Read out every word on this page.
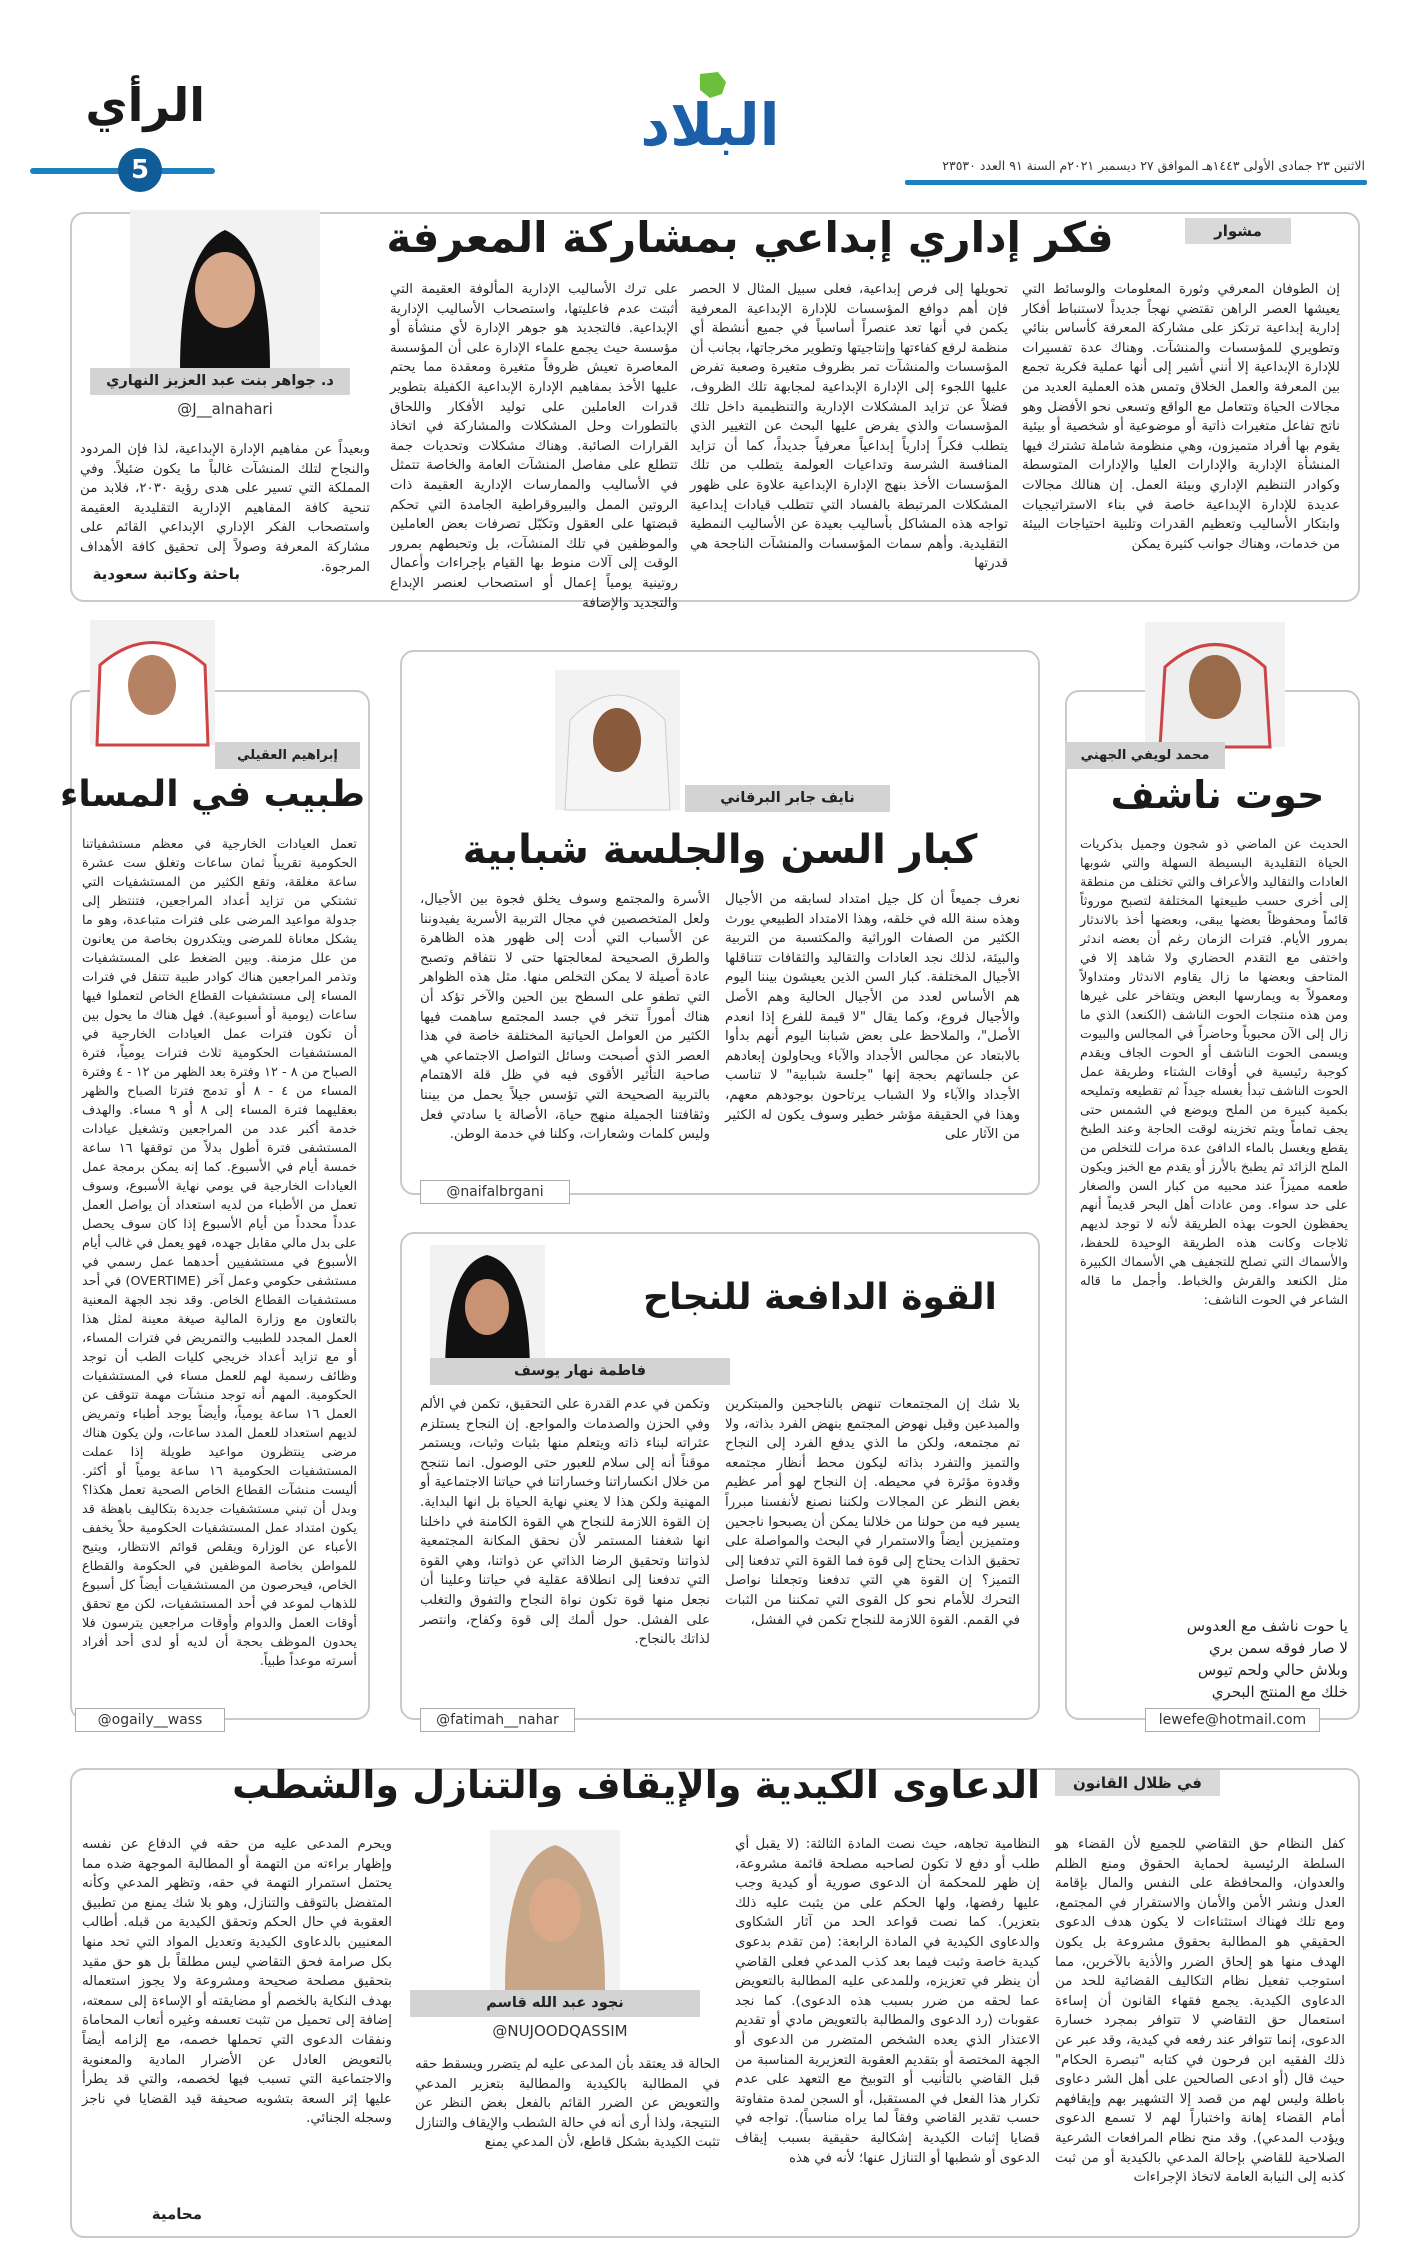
الرأي
5
البلاد
الاثنين ٢٣ جمادى الأولى ١٤٤٣هـ الموافق ٢٧ ديسمبر ٢٠٢١م السنة ٩١ العدد ٢٣٥٣٠
مشوار
فكر إداري إبداعي بمشاركة المعرفة
إن الطوفان المعرفي وثورة المعلومات والوسائط التي يعيشها العصر الراهن تقتضي نهجاً جديداً لاستنباط أفكار إدارية إبداعية ترتكز على مشاركة المعرفة كأساس بنائي وتطويري للمؤسسات والمنشآت. وهناك عدة تفسيرات للإدارة الإبداعية إلا أنني أشير إلى أنها عملية فكرية تجمع بين المعرفة والعمل الخلاق وتمس هذه العملية العديد من مجالات الحياة وتتعامل مع الواقع وتسعى نحو الأفضل وهو ناتج تفاعل متغيرات ذاتية أو موضوعية أو شخصية أو بيئية يقوم بها أفراد متميزون، وهي منظومة شاملة تشترك فيها المنشأة الإدارية والإدارات العليا والإدارات المتوسطة وكوادر التنظيم الإداري وبيئة العمل. إن هنالك مجالات عديدة للإدارة الإبداعية خاصة في بناء الاستراتيجيات وابتكار الأساليب وتعظيم القدرات وتلبية احتياجات البيئة من خدمات، وهناك جوانب كثيرة يمكن
تحويلها إلى فرص إبداعية، فعلى سبيل المثال لا الحصر فإن أهم دوافع المؤسسات للإدارة الإبداعية المعرفية يكمن في أنها تعد عنصراً أساسياً في جميع أنشطة أي منظمة لرفع كفاءتها وإنتاجيتها وتطوير مخرجاتها، بجانب أن المؤسسات والمنشآت تمر بظروف متغيرة وصعبة تفرض عليها اللجوء إلى الإدارة الإبداعية لمجابهة تلك الظروف، فضلاً عن تزايد المشكلات الإدارية والتنظيمية داخل تلك المؤسسات والذي يفرض عليها البحث عن التغيير الذي يتطلب فكراً إدارياً إبداعياً معرفياً جديداً، كما أن تزايد المنافسة الشرسة وتداعيات العولمة يتطلب من تلك المؤسسات الأخذ بنهج الإدارة الإبداعية علاوة على ظهور المشكلات المرتبطة بالفساد التي تتطلب قيادات إبداعية تواجه هذه المشاكل بأساليب بعيدة عن الأساليب النمطية التقليدية. وأهم سمات المؤسسات والمنشآت الناجحة هي قدرتها
على ترك الأساليب الإدارية المألوفة العقيمة التي أثبتت عدم فاعليتها، واستصحاب الأساليب الإدارية الإبداعية. فالتجديد هو جوهر الإدارة لأي منشأة أو مؤسسة حيث يجمع علماء الإدارة على أن المؤسسة المعاصرة تعيش ظروفاً متغيرة ومعقدة مما يحتم عليها الأخذ بمفاهيم الإدارة الإبداعية الكفيلة بتطوير قدرات العاملين على توليد الأفكار واللحاق بالتطورات وحل المشكلات والمشاركة في اتخاذ القرارات الصائبة. وهناك مشكلات وتحديات جمة تتطلع على مفاصل المنشآت العامة والخاصة تتمثل في الأساليب والممارسات الإدارية العقيمة ذات الروتين الممل والبيروقراطية الجامدة التي تحكم قبضتها على العقول وتكبّل تصرفات بعض العاملين والموظفين في تلك المنشآت، بل وتحبطهم بمرور الوقت إلى آلات منوط بها القيام بإجراءات وأعمال روتينية يومياً إعمال أو استصحاب لعنصر الإبداع والتجديد والإضافة
وبعيداً عن مفاهيم الإدارة الإبداعية، لذا فإن المردود والنجاح لتلك المنشآت غالباً ما يكون ضئيلاً. وفي المملكة التي تسير على هدى رؤية ٢٠٣٠، فلابد من تنحية كافة المفاهيم الإدارية التقليدية العقيمة واستصحاب الفكر الإداري الإبداعي القائم على مشاركة المعرفة وصولاً إلى تحقيق كافة الأهداف المرجوة.
د. جواهر بنت عبد العزيز النهاري
@J__alnahari
باحثة وكاتبة سعودية
محمد لويفي الجهني
حوت ناشف
الحديث عن الماضي ذو شجون وجميل بذكريات الحياة التقليدية البسيطة السهلة والتي شوبها العادات والتقاليد والأعراف والتي تختلف من منطقة إلى أخرى حسب طبيعتها المختلفة لتصبح موروثاً قائماً ومحفوظاً بعضها يبقى، وبعضها أخذ بالاندثار بمرور الأيام. فترات الزمان رغم أن بعضه اندثر واختفى مع التقدم الحضاري ولا شاهد إلا في المتاحف وبعضها ما زال يقاوم الاندثار ومتداولاً ومعمولاً به ويمارسها البعض ويتفاخر على غيرها ومن هذه منتجات الحوت الناشف (الكنعد) الذي ما زال إلى الآن محبوباً وحاضراً في المجالس والبيوت ويسمى الحوت الناشف أو الحوت الجاف ويقدم كوجبة رئيسية في أوقات الشتاء وطريقة عمل الحوت الناشف تبدأ بغسله جيداً ثم تقطيعه وتمليحه بكمية كبيرة من الملح ويوضع في الشمس حتى يجف تماماً ويتم تخزينه لوقت الحاجة وعند الطبخ يقطع ويغسل بالماء الدافئ عدة مرات للتخلص من الملح الزائد ثم يطبخ بالأرز أو يقدم مع الخبز ويكون طعمه مميزاً عند محبيه من كبار السن والصغار على حد سواء. ومن عادات أهل البحر قديماً أنهم يحفظون الحوت بهذه الطريقة لأنه لا توجد لديهم ثلاجات وكانت هذه الطريقة الوحيدة للحفظ، والأسماك التي تصلح للتجفيف هي الأسماك الكبيرة مثل الكنعد والقرش والخباط. وأجمل ما قاله الشاعر في الحوت الناشف:
يا حوت ناشف مع العدوس
لا صار فوقه سمن بري
وبلاش حالي ولحم تيوس
خلك مع المنتج البحري
lewefe@hotmail.com
نايف جابر البرقاني
كبار السن والجلسة شبابية
نعرف جميعاً أن كل جيل امتداد لسابقه من الأجيال وهذه سنة الله في خلقه، وهذا الامتداد الطبيعي يورث الكثير من الصفات الوراثية والمكتسبة من التربية والبيئة، لذلك نجد العادات والتقاليد والثقافات تتناقلها الأجيال المختلفة. كبار السن الذين يعيشون بيننا اليوم هم الأساس لعدد من الأجيال الحالية وهم الأصل والأجيال فروع، وكما يقال "لا قيمة للفرع إذا انعدم الأصل"، والملاحظ على بعض شبابنا اليوم أنهم بدأوا بالابتعاد عن مجالس الأجداد والآباء ويحاولون إبعادهم عن جلساتهم بحجة إنها "جلسة شبابية" لا تناسب الأجداد والآباء ولا الشباب يرتاحون بوجودهم معهم، وهذا في الحقيقة مؤشر خطير وسوف يكون له الكثير من الآثار على
الأسرة والمجتمع وسوف يخلق فجوة بين الأجيال، ولعل المتخصصين في مجال التربية الأسرية يفيدوننا عن الأسباب التي أدت إلى ظهور هذه الظاهرة والطرق الصحيحة لمعالجتها حتى لا نتفاقم وتصبح عادة أصيلة لا يمكن التخلص منها. مثل هذه الظواهر التي تطفو على السطح بين الحين والآخر تؤكد أن هناك أموراً تنخر في جسد المجتمع ساهمت فيها الكثير من العوامل الحياتية المختلفة خاصة في هذا العصر الذي أصبحت وسائل التواصل الاجتماعي هي صاحبة التأثير الأقوى فيه في ظل قلة الاهتمام بالتربية الصحيحة التي تؤسس جيلاً يحمل من بيننا وثقافتنا الجميلة منهج حياة، الأصالة يا سادتي فعل وليس كلمات وشعارات، وكلنا في خدمة الوطن.
@naifalbrgani
إبراهيم العقيلي
طبيب في المساء
تعمل العيادات الخارجية في معظم مستشفياتنا الحكومية تقريباً ثمان ساعات وتغلق ست عشرة ساعة مغلقة، وتقع الكثير من المستشفيات التي تشتكي من تزايد أعداد المراجعين، فتنتظر إلى جدولة مواعيد المرضى على فترات متباعدة، وهو ما يشكل معاناة للمرضى ويتكدرون بخاصة من يعانون من علل مزمنة. وبين الضغط على المستشفيات وتذمر المراجعين هناك كوادر طبية تتنقل في فترات المساء إلى مستشفيات القطاع الخاص لتعملوا فيها ساعات (يومية أو أسبوعية). فهل هناك ما يحول بين أن تكون فترات عمل العيادات الخارجية في المستشفيات الحكومية ثلاث فترات يومياً، فترة الصباح من ٨ - ١٢ وفترة بعد الظهر من ١٢ - ٤ وفترة المساء من ٤ - ٨ أو تدمج فترتا الصباح والظهر بعقليهما فترة المساء إلى ٨ أو ٩ مساء. والهدف خدمة أكبر عدد من المراجعين وتشغيل عيادات المستشفى فترة أطول بدلاً من توقفها ١٦ ساعة خمسة أيام في الأسبوع. كما إنه يمكن برمجة عمل العيادات الخارجية في يومي نهاية الأسبوع، وسوف تعمل من الأطباء من لديه استعداد أن يواصل العمل عدداً محدداً من أيام الأسبوع إذا كان سوف يحصل على بدل مالي مقابل جهده، فهو يعمل في غالب أيام الأسبوع في مستشفيين أحدهما عمل رسمي في مستشفى حكومي وعمل آخر (OVERTIME) في أحد مستشفيات القطاع الخاص. وقد نجد الجهة المعنية بالتعاون مع وزارة المالية صيغة معينة لمثل هذا العمل المجدد للطبيب والتمريض في فترات المساء، أو مع تزايد أعداد خريجي كليات الطب أن توجد وظائف رسمية لهم للعمل مساء في المستشفيات الحكومية. المهم أنه توجد منشآت مهمة تتوقف عن العمل ١٦ ساعة يومياً، وأيضاً يوجد أطباء وتمريض لديهم استعداد للعمل المدد ساعات، ولن يكون هناك مرضى ينتظرون مواعيد طويلة إذا عملت المستشفيات الحكومية ١٦ ساعة يومياً أو أكثر. أليست منشآت القطاع الخاص الصحية تعمل هكذا؟ وبدل أن تبني مستشفيات جديدة بتكاليف باهظة قد يكون امتداد عمل المستشفيات الحكومية حلاً يخفف الأعباء عن الوزارة ويقلص قوائم الانتظار، ويتيح للمواطن بخاصة الموظفين في الحكومة والقطاع الخاص، فيحرصون من المستشفيات أيضاً كل أسبوع للذهاب لموعد في أحد المستشفيات، لكن مع تحقق أوقات العمل والدوام وأوقات مراجعين يترسون فلا يحدون الموظف بحجة أن لديه أو لدى أحد أفراد أسرته موعداً طبياً.
@ogaily__wass
القوة الدافعة للنجاح
فاطمة نهار يوسف
بلا شك إن المجتمعات تنهض بالناجحين والمبتكرين والمبدعين وقبل نهوض المجتمع بنهض الفرد بذاته، ولا تم مجتمعه، ولكن ما الذي يدفع الفرد إلى النجاح والتميز والتفرد بذاته ليكون محط أنظار مجتمعه وقدوة مؤثرة في محيطه. إن النجاح لهو أمر عظيم بغض النظر عن المجالات ولكننا نصنع لأنفسنا مبرراً يسير فيه من حولنا من خلالنا يمكن أن يصبحوا ناجحين ومتميزين أيضاً والاستمرار في البحث والمواصلة على تحقيق الذات يحتاج إلى قوة فما القوة التي تدفعنا إلى التميز؟ إن القوة هي التي تدفعنا وتجعلنا نواصل التحرك للأمام نحو كل القوى التي تمكننا من الثبات في القمم. القوة اللازمة للنجاح تكمن في الفشل،
وتكمن في عدم القدرة على التحقيق، تكمن في الألم وفي الحزن والصدمات والمواجع. إن النجاح يستلزم عثراته لبناء ذاته ويتعلم منها بثبات وثبات، ويستمر موقناً أنه إلى سلام للعبور حتى الوصول. انما نتنجح من خلال انكساراتنا وخساراتنا في حياتنا الاجتماعية أو المهنية ولكن هذا لا يعني نهاية الحياة بل انها البداية. إن القوة اللازمة للنجاح هي القوة الكامنة في داخلنا انها شغفنا المستمر لأن نحقق المكانة المجتمعية لذواتنا وتحقيق الرضا الذاتي عن ذواتنا، وهي القوة التي تدفعنا إلى انطلاقة عقلية في حياتنا وعلينا أن نجعل منها قوة تكون نواة النجاح والتفوق والتغلب على الفشل. حول ألمك إلى قوة وكفاح، وانتصر لذاتك بالنجاح.
@fatimah__nahar
في ظلال القانون
الدعاوى الكيدية والإيقاف والتنازل والشطب
كفل النظام حق التقاضي للجميع لأن القضاء هو السلطة الرئيسية لحماية الحقوق ومنع الظلم والعدوان، والمحافظة على النفس والمال بإقامة العدل ونشر الأمن والأمان والاستقرار في المجتمع، ومع تلك فهناك استثناءات لا يكون هدف الدعوى الحقيقي هو المطالبة بحقوق مشروعة بل يكون الهدف منها هو إلحاق الضرر والأذية بالآخرين، مما استوجب تفعيل نظام التكاليف القضائية للحد من الدعاوى الكيدية. يجمع فقهاء القانون أن إساءة استعمال حق التقاضي لا تتوافر بمجرد خسارة الدعوى، إنما تتوافر عند رفعه في كيدية، وقد عبر عن ذلك الفقيه ابن فرحون في كتابه "تبصرة الحكام" حيث قال (أو ادعى الصالحين على أهل الشر دعاوى باطلة وليس لهم من قصد إلا التشهير بهم وإيقافهم أمام القضاء إهانة واختباراً لهم لا تسمع الدعوى ويؤدب المدعي). وقد منح نظام المرافعات الشرعية الصلاحية للقاضي بإحالة المدعي بالكيدية أو من ثبت كذبه إلى النيابة العامة لاتخاذ الإجراءات
النظامية تجاهه، حيث نصت المادة الثالثة: (لا يقبل أي طلب أو دفع لا تكون لصاحبه مصلحة قائمة مشروعة، إن ظهر للمحكمة أن الدعوى صورية أو كيدية وجب عليها رفضها، ولها الحكم على من يثبت عليه ذلك بتعزير). كما نصت قواعد الحد من آثار الشكاوى والدعاوى الكيدية في المادة الرابعة: (من تقدم بدعوى كيدية خاصة وثبت فيما بعد كذب المدعي فعلى القاضي أن ينظر في تعزيزه، وللمدعى عليه المطالبة بالتعويض عما لحقه من ضرر بسبب هذه الدعوى). كما نجد عقوبات (رد الدعوى والمطالبة بالتعويض مادي أو تقديم الاعتذار الذي يعده الشخص المتضرر من الدعوى أو الجهة المختصة أو بتقديم العقوبة التعزيرية المناسبة من قبل القاضي بالتأنيب أو التوبيخ مع التعهد على عدم تكرار هذا الفعل في المستقبل، أو السجن لمدة متفاوتة حسب تقدير القاضي وفقاً لما يراه مناسباً). تواجه في قضايا إثبات الكيدية إشكالية حقيقية بسبب إيقاف الدعوى أو شطبها أو التنازل عنها؛ لأنه في هذه
نجود عبد الله قاسم
@NUJOODQASSIM
الحالة قد يعتقد بأن المدعى عليه لم يتضرر ويسقط حقه في المطالبة بالكيدية والمطالبة بتعزير المدعي والتعويض عن الضرر القائم بالفعل بغض النظر عن النتيجة، ولذا أرى أنه في حالة الشطب والإيقاف والتنازل تثبت الكيدية بشكل قاطع، لأن المدعي يمنع
ويحرم المدعى عليه من حقه في الدفاع عن نفسه وإظهار براءته من التهمة أو المطالبة الموجهة ضده مما يحتمل استمرار التهمة في حقه، وتظهر المدعي وكأنه المتفضل بالتوقف والتنازل، وهو بلا شك يمنع من تطبيق العقوبة في حال الحكم وتحقق الكيدية من قبله. أطالب المعنيين بالدعاوى الكيدية وتعديل المواد التي تحد منها بكل صرامة فحق التقاضي ليس مطلقاً بل هو حق مقيد بتحقيق مصلحة صحيحة ومشروعة ولا يجوز استعماله بهدف النكاية بالخصم أو مضايقته أو الإساءة إلى سمعته، إضافة إلى تحميل من تثبت تعسفه وغيره أتعاب المحاماة ونفقات الدعوى التي تحملها خصمه، مع إلزامه أيضاً بالتعويض العادل عن الأضرار المادية والمعنوية والاجتماعية التي تسبب فيها لخصمه، والتي قد يطرأ عليها إثر السعة بتشويه صحيفة قيد القضايا في ناجز وسجله الجنائي.
محامية
